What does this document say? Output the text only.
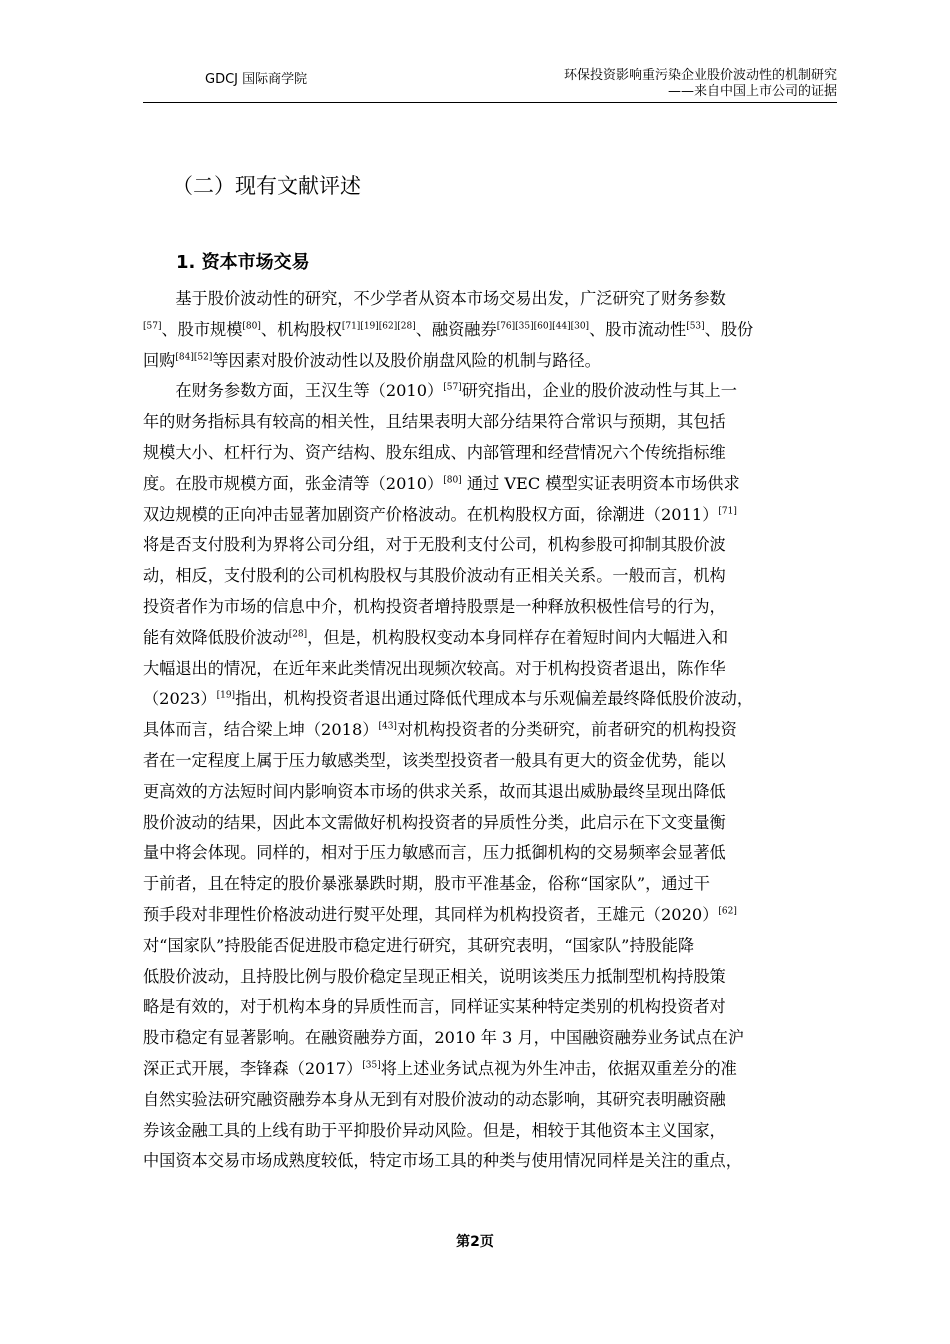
GDCJ 国际商学院	环保投资影响重污染企业股价波动性的机制研究
——来自中国上市公司的证据
（二）现有文献评述
1. 资本市场交易
基于股价波动性的研究，不少学者从资本市场交易出发，广泛研究了财务参数
[57]、股市规模[80]、机构股权[71][19][62][28]、融资融券[76][35][60][44][30]、股市流动性[53]、股份
回购[84][52]等因素对股价波动性以及股价崩盘风险的机制与路径。
在财务参数方面，王汉生等（2010）[57]研究指出，企业的股价波动性与其上一
年的财务指标具有较高的相关性，且结果表明大部分结果符合常识与预期，其包括
规模大小、杠杆行为、资产结构、股东组成、内部管理和经营情况六个传统指标维
度。在股市规模方面，张金清等（2010）[80] 通过 VEC 模型实证表明资本市场供求
双边规模的正向冲击显著加剧资产价格波动。在机构股权方面，徐潮进（2011）[71]
将是否支付股利为界将公司分组，对于无股利支付公司，机构参股可抑制其股价波
动，相反，支付股利的公司机构股权与其股价波动有正相关关系。一般而言，机构
投资者作为市场的信息中介，机构投资者增持股票是一种释放积极性信号的行为，
能有效降低股价波动[28]，但是，机构股权变动本身同样存在着短时间内大幅进入和
大幅退出的情况，在近年来此类情况出现频次较高。对于机构投资者退出，陈作华
（2023）[19]指出，机构投资者退出通过降低代理成本与乐观偏差最终降低股价波动，
具体而言，结合梁上坤（2018）[43]对机构投资者的分类研究，前者研究的机构投资
者在一定程度上属于压力敏感类型，该类型投资者一般具有更大的资金优势，能以
更高效的方法短时间内影响资本市场的供求关系，故而其退出威胁最终呈现出降低
股价波动的结果，因此本文需做好机构投资者的异质性分类，此启示在下文变量衡
量中将会体现。同样的，相对于压力敏感而言，压力抵御机构的交易频率会显著低
于前者，且在特定的股价暴涨暴跌时期，股市平准基金，俗称“国家队”，通过干
预手段对非理性价格波动进行熨平处理，其同样为机构投资者，王雄元（2020）[62]
对“国家队”持股能否促进股市稳定进行研究，其研究表明，“国家队”持股能降
低股价波动，且持股比例与股价稳定呈现正相关，说明该类压力抵制型机构持股策
略是有效的，对于机构本身的异质性而言，同样证实某种特定类别的机构投资者对
股市稳定有显著影响。在融资融券方面，2010 年 3 月，中国融资融券业务试点在沪
深正式开展，李锋森（2017）[35]将上述业务试点视为外生冲击，依据双重差分的准
自然实验法研究融资融券本身从无到有对股价波动的动态影响，其研究表明融资融
券该金融工具的上线有助于平抑股价异动风险。但是，相较于其他资本主义国家，
中国资本交易市场成熟度较低，特定市场工具的种类与使用情况同样是关注的重点，
第2页
